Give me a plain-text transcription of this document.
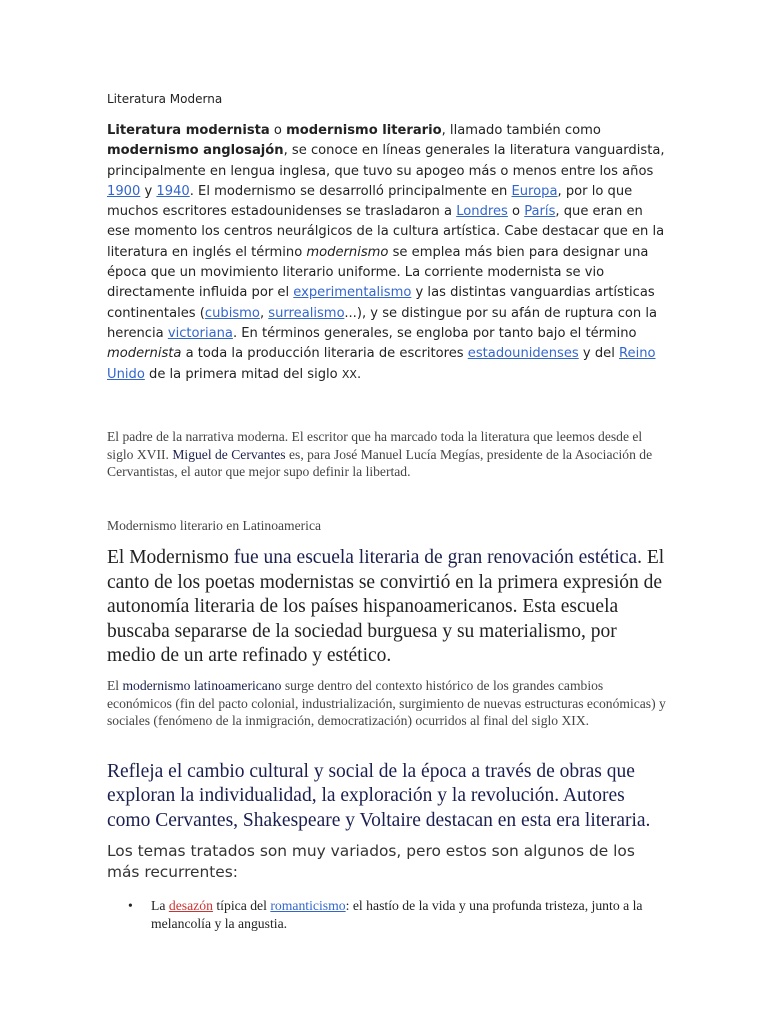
Literatura Moderna

Literatura modernista o modernismo literario, llamado también como modernismo anglosajón, se conoce en líneas generales la literatura vanguardista, principalmente en lengua inglesa, que tuvo su apogeo más o menos entre los años 1900 y 1940. El modernismo se desarrolló principalmente en Europa, por lo que muchos escritores estadounidenses se trasladaron a Londres o París, que eran en ese momento los centros neurálgicos de la cultura artística. Cabe destacar que en la literatura en inglés el término modernismo se emplea más bien para designar una época que un movimiento literario uniforme. La corriente modernista se vio directamente influida por el experimentalismo y las distintas vanguardias artísticas continentales (cubismo, surrealismo...), y se distingue por su afán de ruptura con la herencia victoriana. En términos generales, se engloba por tanto bajo el término modernista a toda la producción literaria de escritores estadounidenses y del Reino Unido de la primera mitad del siglo XX.

El padre de la narrativa moderna. El escritor que ha marcado toda la literatura que leemos desde el siglo XVII. Miguel de Cervantes es, para José Manuel Lucía Megías, presidente de la Asociación de Cervantistas, el autor que mejor supo definir la libertad.

Modernismo literario en Latinoamerica

El Modernismo fue una escuela literaria de gran renovación estética. El canto de los poetas modernistas se convirtió en la primera expresión de autonomía literaria de los países hispanoamericanos. Esta escuela buscaba separarse de la sociedad burguesa y su materialismo, por medio de un arte refinado y estético.

El modernismo latinoamericano surge dentro del contexto histórico de los grandes cambios económicos (fin del pacto colonial, industrialización, surgimiento de nuevas estructuras económicas) y sociales (fenómeno de la inmigración, democratización) ocurridos al final del siglo XIX.

Refleja el cambio cultural y social de la época a través de obras que exploran la individualidad, la exploración y la revolución. Autores como Cervantes, Shakespeare y Voltaire destacan en esta era literaria.

Los temas tratados son muy variados, pero estos son algunos de los más recurrentes:

•	La desazón típica del romanticismo: el hastío de la vida y una profunda tristeza, junto a la melancolía y la angustia.
